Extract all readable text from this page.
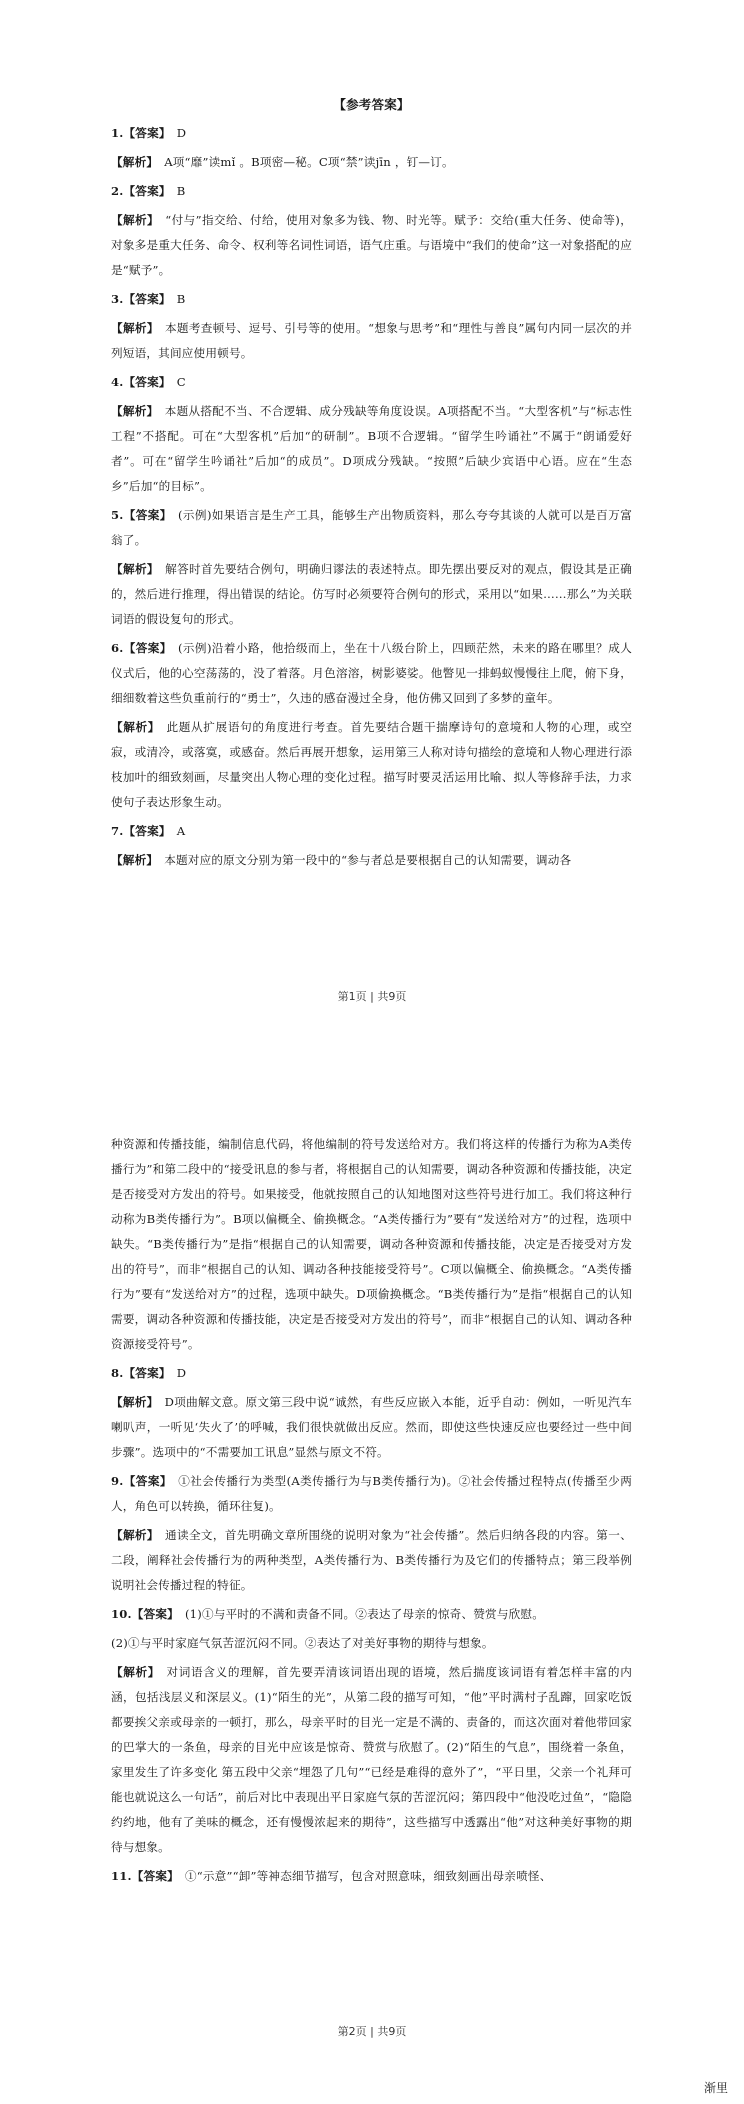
【参考答案】

1.【答案】　 D

【解析】　 A项“靡”读mǐ 。B项密—秘。C项“禁”读jīn ，钉—订。

2.【答案】　 B

【解析】　 “付与”指交给、付给，使用对象多为钱、物、时光等。赋予：交给(重大任务、使命等)，对象多是重大任务、命令、权利等名词性词语，语气庄重。与语境中“我们的使命”这一对象搭配的应是“赋予”。

3.【答案】　 B

【解析】　 本题考查顿号、逗号、引号等的使用。“想象与思考”和“理性与善良”属句内同一层次的并列短语，其间应使用顿号。

4.【答案】　 C

【解析】　 本题从搭配不当、不合逻辑、成分残缺等角度设误。A项搭配不当。“大型客机”与“标志性工程”不搭配。可在“大型客机”后加“的研制”。B项不合逻辑。“留学生吟诵社”不属于“朗诵爱好者”。可在“留学生吟诵社”后加“的成员”。D项成分残缺。“按照”后缺少宾语中心语。应在“生态乡”后加“的目标”。

5.【答案】　 (示例)如果语言是生产工具，能够生产出物质资料，那么夸夸其谈的人就可以是百万富翁了。

【解析】　 解答时首先要结合例句，明确归谬法的表述特点。即先摆出要反对的观点，假设其是正确的，然后进行推理，得出错误的结论。仿写时必须要符合例句的形式，采用以“如果……那么”为关联词语的假设复句的形式。

6.【答案】　 (示例)沿着小路，他拾级而上，坐在十八级台阶上，四顾茫然，未来的路在哪里？成人仪式后，他的心空荡荡的，没了着落。月色溶溶，树影婆娑。他瞥见一排蚂蚁慢慢往上爬，俯下身，细细数着这些负重前行的“勇士”，久违的感奋漫过全身，他仿佛又回到了多梦的童年。

【解析】　 此题从扩展语句的角度进行考查。首先要结合题干揣摩诗句的意境和人物的心理，或空寂，或清冷，或落寞，或感奋。然后再展开想象，运用第三人称对诗句描绘的意境和人物心理进行添枝加叶的细致刻画，尽量突出人物心理的变化过程。描写时要灵活运用比喻、拟人等修辞手法，力求使句子表达形象生动。

7.【答案】　 A

【解析】　 本题对应的原文分别为第一段中的“参与者总是要根据自己的认知需要，调动各

第1页 | 共9页

种资源和传播技能，编制信息代码，将他编制的符号发送给对方。我们将这样的传播行为称为A类传播行为”和第二段中的“接受讯息的参与者，将根据自己的认知需要，调动各种资源和传播技能，决定是否接受对方发出的符号。如果接受，他就按照自己的认知地图对这些符号进行加工。我们将这种行动称为B类传播行为”。B项以偏概全、偷换概念。“A类传播行为”要有“发送给对方”的过程，选项中缺失。“B类传播行为”是指“根据自己的认知需要，调动各种资源和传播技能，决定是否接受对方发出的符号”，而非“根据自己的认知、调动各种技能接受符号”。C项以偏概全、偷换概念。“A类传播行为”要有“发送给对方”的过程，选项中缺失。D项偷换概念。“B类传播行为”是指“根据自己的认知需要，调动各种资源和传播技能，决定是否接受对方发出的符号”，而非“根据自己的认知、调动各种资源接受符号”。

8.【答案】　 D

【解析】　 D项曲解文意。原文第三段中说“诚然，有些反应嵌入本能，近乎自动：例如，一听见汽车喇叭声，一听见‘失火了’的呼喊，我们很快就做出反应。然而，即使这些快速反应也要经过一些中间步骤”。选项中的“不需要加工讯息”显然与原文不符。

9.【答案】　 ①社会传播行为类型(A类传播行为与B类传播行为)。②社会传播过程特点(传播至少两人，角色可以转换，循环往复)。

【解析】　 通读全文，首先明确文章所围绕的说明对象为“社会传播”。然后归纳各段的内容。第一、二段，阐释社会传播行为的两种类型，A类传播行为、B类传播行为及它们的传播特点；第三段举例说明社会传播过程的特征。

10.【答案】　 (1)①与平时的不满和责备不同。②表达了母亲的惊奇、赞赏与欣慰。

(2)①与平时家庭气氛苦涩沉闷不同。②表达了对美好事物的期待与想象。

【解析】　 对词语含义的理解，首先要弄清该词语出现的语境，然后揣度该词语有着怎样丰富的内涵，包括浅层义和深层义。(1)“陌生的光”，从第二段的描写可知，“他”平时满村子乱蹿，回家吃饭都要挨父亲或母亲的一顿打，那么，母亲平时的目光一定是不满的、责备的，而这次面对着他带回家的巴掌大的一条鱼，母亲的目光中应该是惊奇、赞赏与欣慰了。(2)“陌生的气息”，围绕着一条鱼，家里发生了许多变化 第五段中父亲“埋怨了几句”“已经是难得的意外了”，“平日里，父亲一个礼拜可能也就说这么一句话”，前后对比中表现出平日家庭气氛的苦涩沉闷；第四段中“他没吃过鱼”，“隐隐约约地，他有了美味的概念，还有慢慢浓起来的期待”，这些描写中透露出“他”对这种美好事物的期待与想象。

11.【答案】　 ①“示意”“卸”等神态细节描写，包含对照意味，细致刻画出母亲喷怪、

第2页 | 共9页
渐里
